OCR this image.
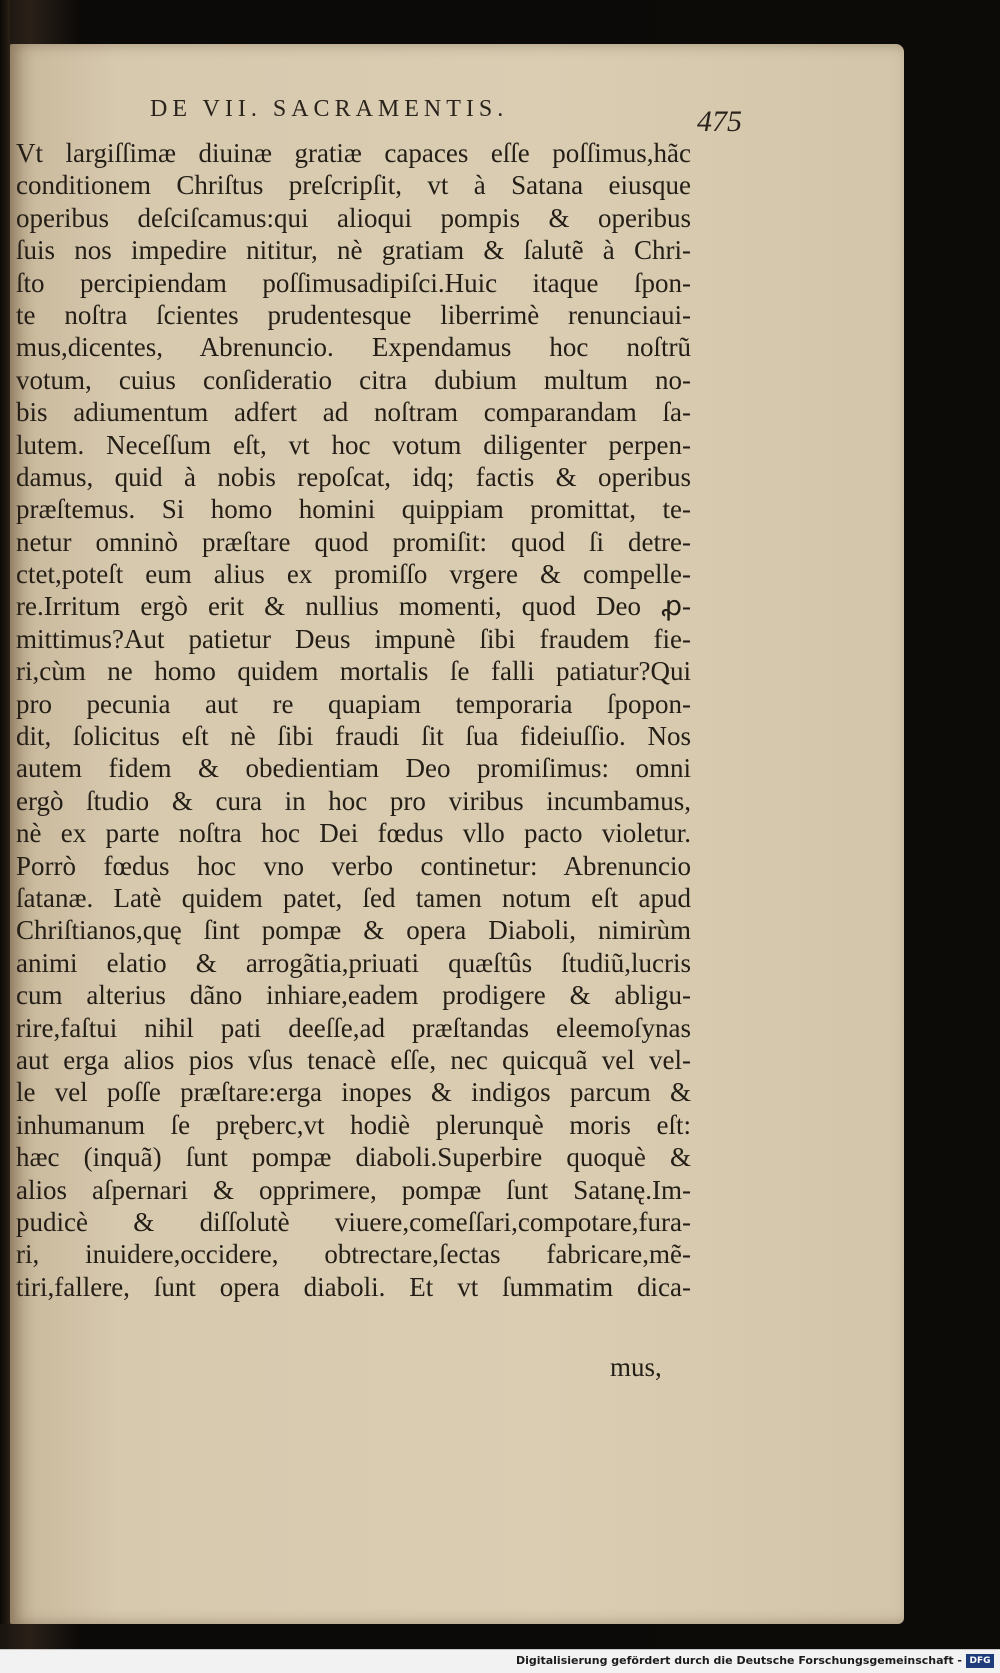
DE VII. SACRAMENTIS.	475
Vt largiſſimæ diuinæ gratiæ capaces eſſe poſſimus,hãc
conditionem Chriſtus preſcripſit, vt à Satana eiusque
operibus deſciſcamus:qui alioqui pompis & operibus
ſuis nos impedire nititur, nè gratiam & ſalutẽ à Chri-
ſto percipiendam poſſimusadipiſci.Huic itaque ſpon-
te noſtra ſcientes prudentesque liberrimè renunciaui-
mus,dicentes, Abrenuncio. Expendamus hoc noſtrũ
votum, cuius conſideratio citra dubium multum no-
bis adiumentum adfert ad noſtram comparandam ſa-
lutem. Neceſſum eſt, vt hoc votum diligenter perpen-
damus, quid à nobis repoſcat, idq; factis & operibus
præſtemus. Si homo homini quippiam promittat, te-
netur omninò præſtare quod promiſit: quod ſi detre-
ctet,poteſt eum alius ex promiſſo vrgere & compelle-
re.Irritum ergò erit & nullius momenti, quod Deo ꝓ-
mittimus?Aut patietur Deus impunè ſibi fraudem fie-
ri,cùm ne homo quidem mortalis ſe falli patiatur?Qui
pro pecunia aut re quapiam temporaria ſpopon-
dit, ſolicitus eſt nè ſibi fraudi ſit ſua fideiuſſio. Nos
autem fidem & obedientiam Deo promiſimus: omni
ergò ſtudio & cura in hoc pro viribus incumbamus,
nè ex parte noſtra hoc Dei fœdus vllo pacto violetur.
Porrò fœdus hoc vno verbo continetur: Abrenuncio
ſatanæ. Latè quidem patet, ſed tamen notum eſt apud
Chriſtianos,quę ſint pompæ & opera Diaboli, nimirùm
animi elatio & arrogãtia,priuati quæſtûs ſtudiũ,lucris
cum alterius dãno inhiare,eadem prodigere & abligu-
rire,faſtui nihil pati deeſſe,ad præſtandas eleemoſynas
aut erga alios pios vſus tenacè eſſe, nec quicquã vel vel-
le vel poſſe præſtare:erga inopes & indigos parcum &
inhumanum ſe pręberc,vt hodiè plerunquè moris eſt:
hæc (inquã) ſunt pompæ diaboli.Superbire quoquè &
alios aſpernari & opprimere, pompæ ſunt Satanę.Im-
pudicè & diſſolutè viuere,comeſſari,compotare,fura-
ri, inuidere,occidere, obtrectare,ſectas fabricare,mẽ-
tiri,fallere, ſunt opera diaboli. Et vt ſummatim dica-
mus,
Digitalisierung gefördert durch die Deutsche Forschungsgemeinschaft - DFG
